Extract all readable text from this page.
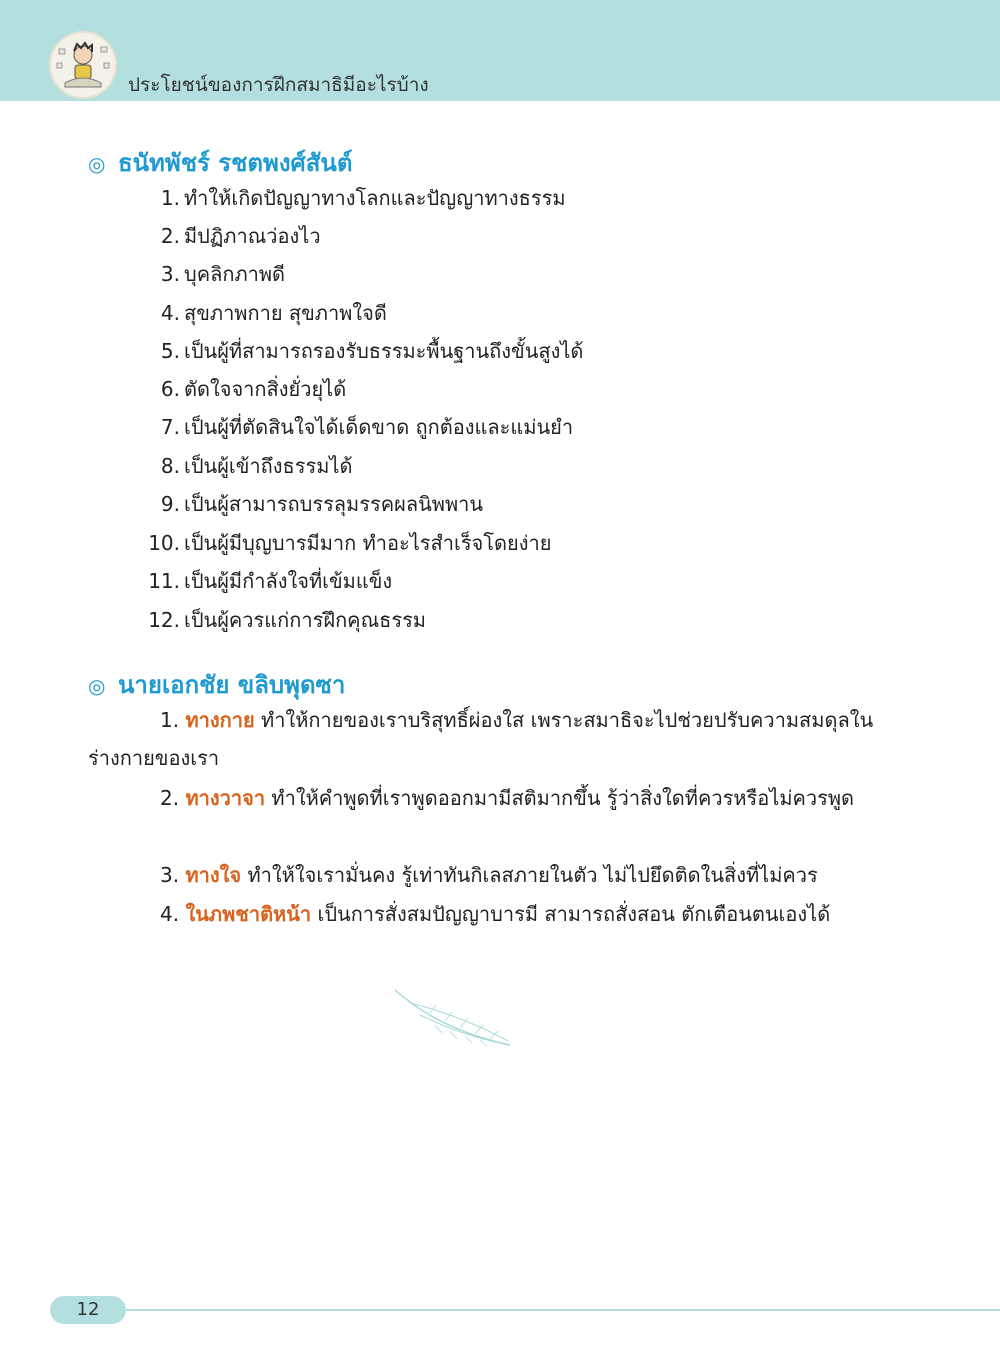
ประโยชน์ของการฝึกสมาธิมีอะไรบ้าง
◎ ธนัทพัชร์ รชตพงศ์สันต์
1. ทำให้เกิดปัญญาทางโลกและปัญญาทางธรรม
2. มีปฏิภาณว่องไว
3. บุคลิกภาพดี
4. สุขภาพกาย สุขภาพใจดี
5. เป็นผู้ที่สามารถรองรับธรรมะพื้นฐานถึงขั้นสูงได้
6. ตัดใจจากสิ่งยั่วยุได้
7. เป็นผู้ที่ตัดสินใจได้เด็ดขาด ถูกต้องและแม่นยำ
8. เป็นผู้เข้าถึงธรรมได้
9. เป็นผู้สามารถบรรลุมรรคผลนิพพาน
10. เป็นผู้มีบุญบารมีมาก ทำอะไรสำเร็จโดยง่าย
11. เป็นผู้มีกำลังใจที่เข้มแข็ง
12. เป็นผู้ควรแก่การฝึกคุณธรรม
◎ นายเอกชัย ขลิบพุดซา
1. ทางกาย ทำให้กายของเราบริสุทธิ์ผ่องใส เพราะสมาธิจะไปช่วยปรับความสมดุลในร่างกายของเรา
2. ทางวาจา ทำให้คำพูดที่เราพูดออกมามีสติมากขึ้น รู้ว่าสิ่งใดที่ควรหรือไม่ควรพูด
3. ทางใจ ทำให้ใจเรามั่นคง รู้เท่าทันกิเลสภายในตัว ไม่ไปยึดติดในสิ่งที่ไม่ควร
4. ในภพชาติหน้า เป็นการสั่งสมปัญญาบารมี สามารถสั่งสอน ตักเตือนตนเองได้
12
